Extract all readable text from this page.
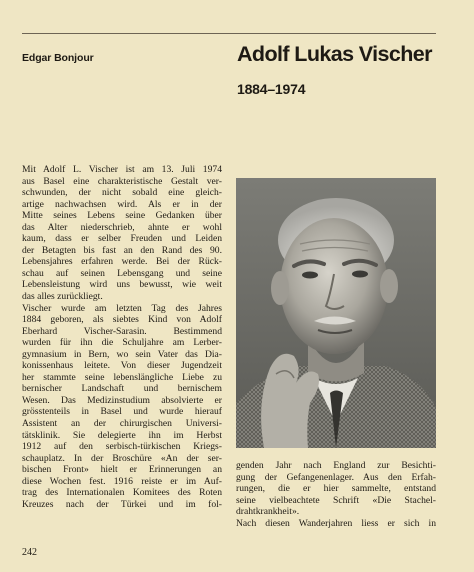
Edgar Bonjour	Adolf Lukas Vischer
1884–1974

Mit Adolf L. Vischer ist am 13. Juli 1974

aus Basel eine charakteristische Gestalt ver-

schwunden, der nicht sobald eine gleich-

artige nachwachsen wird. Als er in der

Mitte seines Lebens seine Gedanken über

das Alter niederschrieb, ahnte er wohl

kaum, dass er selber Freuden und Leiden

der Betagten bis fast an den Rand des 90.

Lebensjahres erfahren werde. Bei der Rück-

schau auf seinen Lebensgang und seine

Lebensleistung wird uns bewusst, wie weit

das alles zurückliegt.

Vischer wurde am letzten Tag des Jahres

1884 geboren, als siebtes Kind von Adolf

Eberhard Vischer-Sarasin. Bestimmend

wurden für ihn die Schuljahre am Lerber-

gymnasium in Bern, wo sein Vater das Dia-

konissenhaus leitete. Von dieser Jugendzeit

her stammte seine lebenslängliche Liebe zu

bernischer Landschaft und bernischem

Wesen. Das Medizinstudium absolvierte er

grösstenteils in Basel und wurde hierauf

Assistent an der chirurgischen Universi-

tätsklinik. Sie delegierte ihn im Herbst

1912 auf den serbisch-türkischen Kriegs-

schauplatz. In der Broschüre «An der ser-

bischen Front» hielt er Erinnerungen an

diese Wochen fest. 1916 reiste er im Auf-

trag des Internationalen Komitees des Roten

Kreuzes nach der Türkei und im fol-

genden Jahr nach England zur Besichti-

gung der Gefangenenlager. Aus den Erfah-

rungen, die er hier sammelte, entstand

seine vielbeachtete Schrift «Die Stachel-

drahtkrankheit».

Nach diesen Wanderjahren liess er sich in

242
